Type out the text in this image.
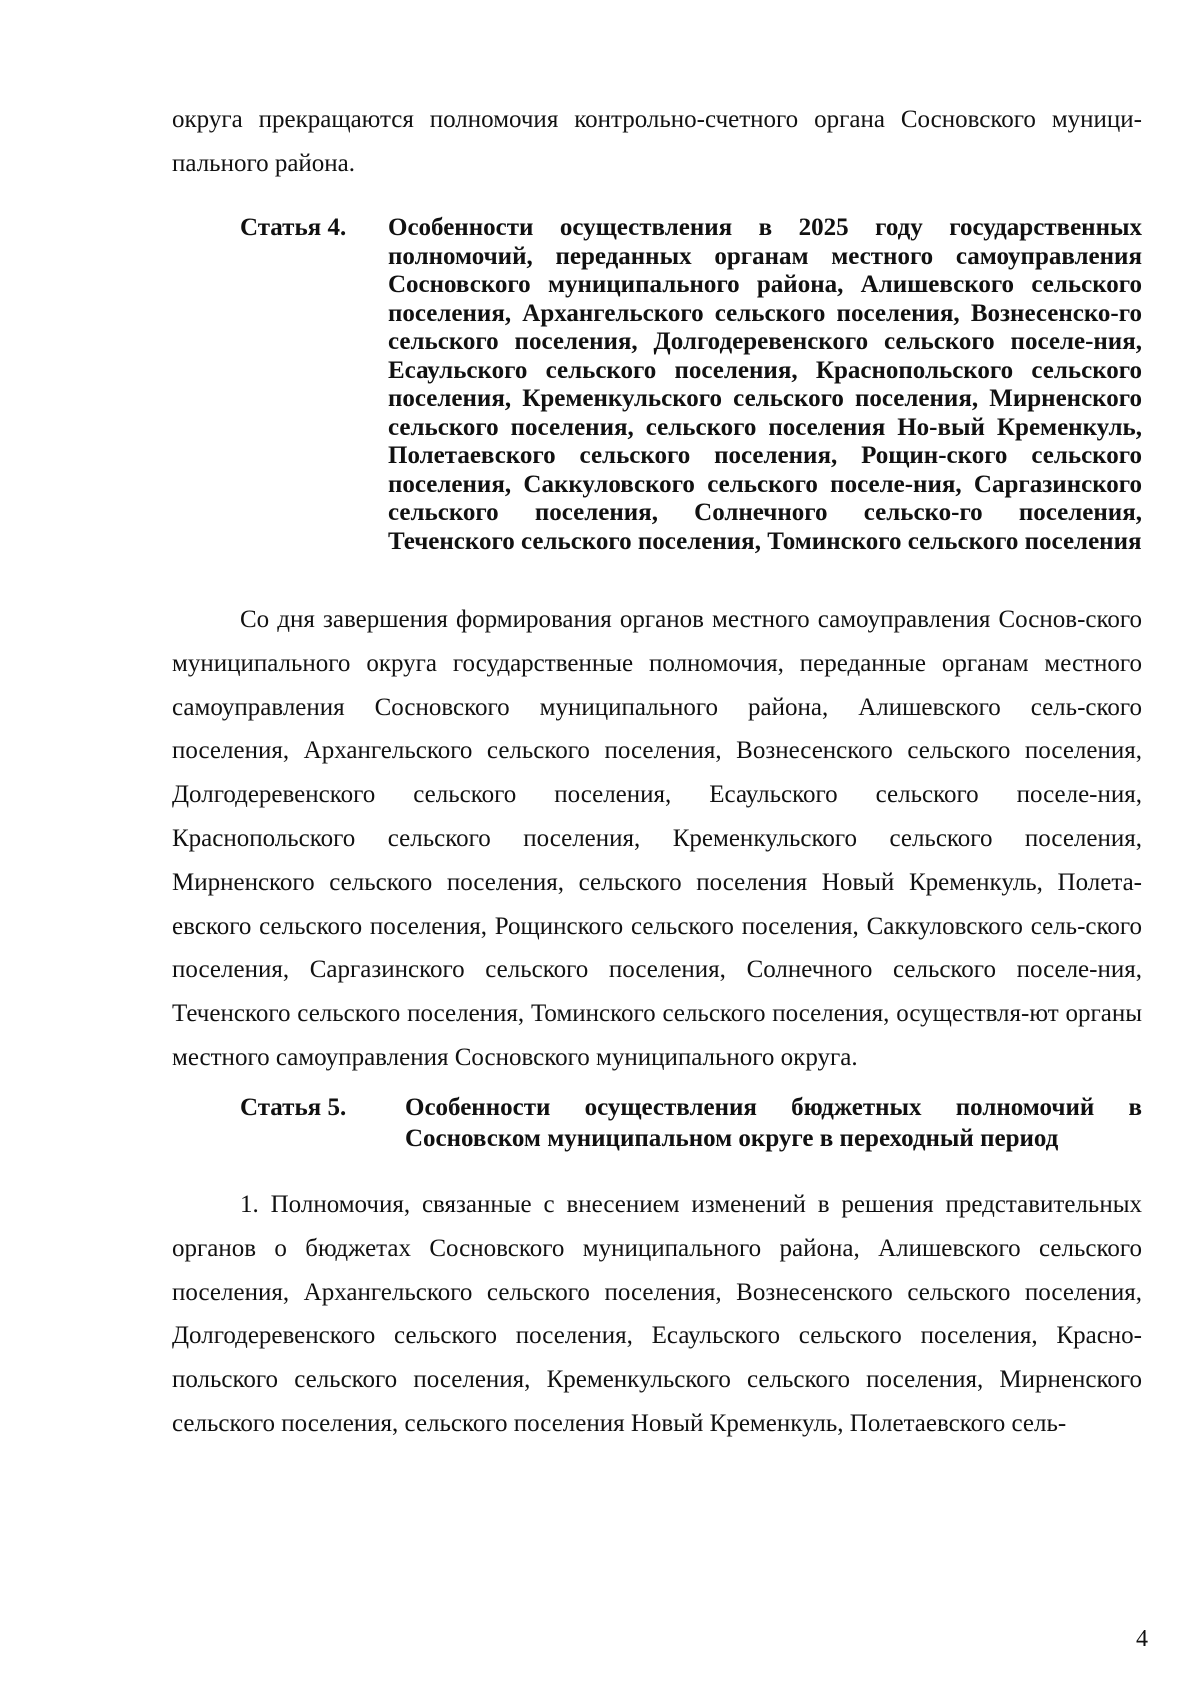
округа прекращаются полномочия контрольно-счетного органа Сосновского муници-пального района.

Статья 4.	Особенности осуществления в 2025 году государственных полномочий, переданных органам местного самоуправления Сосновского муниципального района, Алишевского сельского поселения, Архангельского сельского поселения, Вознесенско-го сельского поселения, Долгодеревенского сельского поселе-ния, Есаульского сельского поселения, Краснопольского сельского поселения, Кременкульского сельского поселения, Мирненского сельского поселения, сельского поселения Но-вый Кременкуль, Полетаевского сельского поселения, Рощин-ского сельского поселения, Саккуловского сельского поселе-ния, Саргазинского сельского поселения, Солнечного сельско-го поселения, Теченского сельского поселения, Томинского сельского поселения

Со дня завершения формирования органов местного самоуправления Соснов-ского муниципального округа государственные полномочия, переданные органам местного самоуправления Сосновского муниципального района, Алишевского сель-ского поселения, Архангельского сельского поселения, Вознесенского сельского поселения, Долгодеревенского сельского поселения, Есаульского сельского поселе-ния, Краснопольского сельского поселения, Кременкульского сельского поселения, Мирненского сельского поселения, сельского поселения Новый Кременкуль, Полета-евского сельского поселения, Рощинского сельского поселения, Саккуловского сель-ского поселения, Саргазинского сельского поселения, Солнечного сельского поселе-ния, Теченского сельского поселения, Томинского сельского поселения, осуществля-ют органы местного самоуправления Сосновского муниципального округа.

Статья 5.	Особенности осуществления бюджетных полномочий в Сосновском муниципальном округе в переходный период

1. Полномочия, связанные с внесением изменений в решения представительных органов о бюджетах Сосновского муниципального района, Алишевского сельского поселения, Архангельского сельского поселения, Вознесенского сельского поселения, Долгодеревенского сельского поселения, Есаульского сельского поселения, Красно-польского сельского поселения, Кременкульского сельского поселения, Мирненского сельского поселения, сельского поселения Новый Кременкуль, Полетаевского сель-

4
